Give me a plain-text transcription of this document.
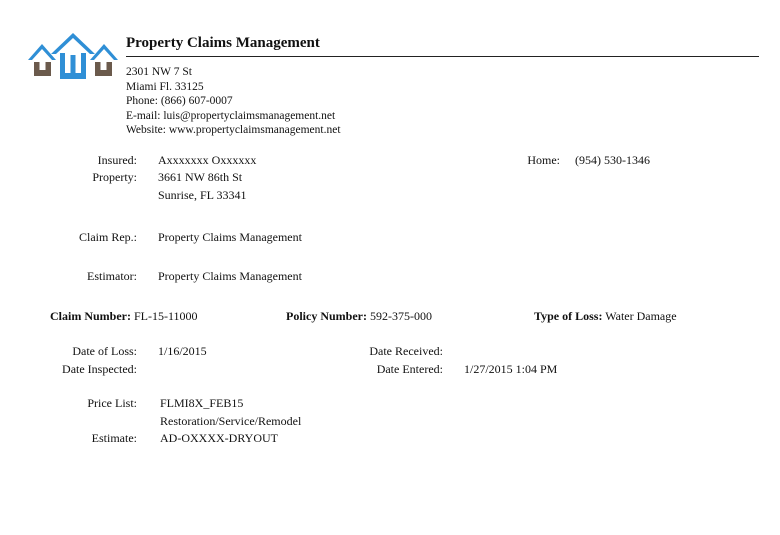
Property Claims Management
2301 NW 7 St
Miami Fl. 33125
Phone: (866) 607-0007
E-mail: luis@propertyclaimsmanagement.net
Website: www.propertyclaimsmanagement.net
Insured: Axxxxxxx Oxxxxxx
Property: 3661 NW 86th St
Sunrise, FL 33341
Home: (954) 530-1346
Claim Rep.: Property Claims Management
Estimator: Property Claims Management
Claim Number: FL-15-11000	Policy Number: 592-375-000	Type of Loss: Water Damage
Date of Loss: 1/16/2015
Date Inspected:
Date Received:
Date Entered: 1/27/2015 1:04 PM
Price List: FLMI8X_FEB15
Restoration/Service/Remodel
Estimate: AD-OXXXX-DRYOUT
